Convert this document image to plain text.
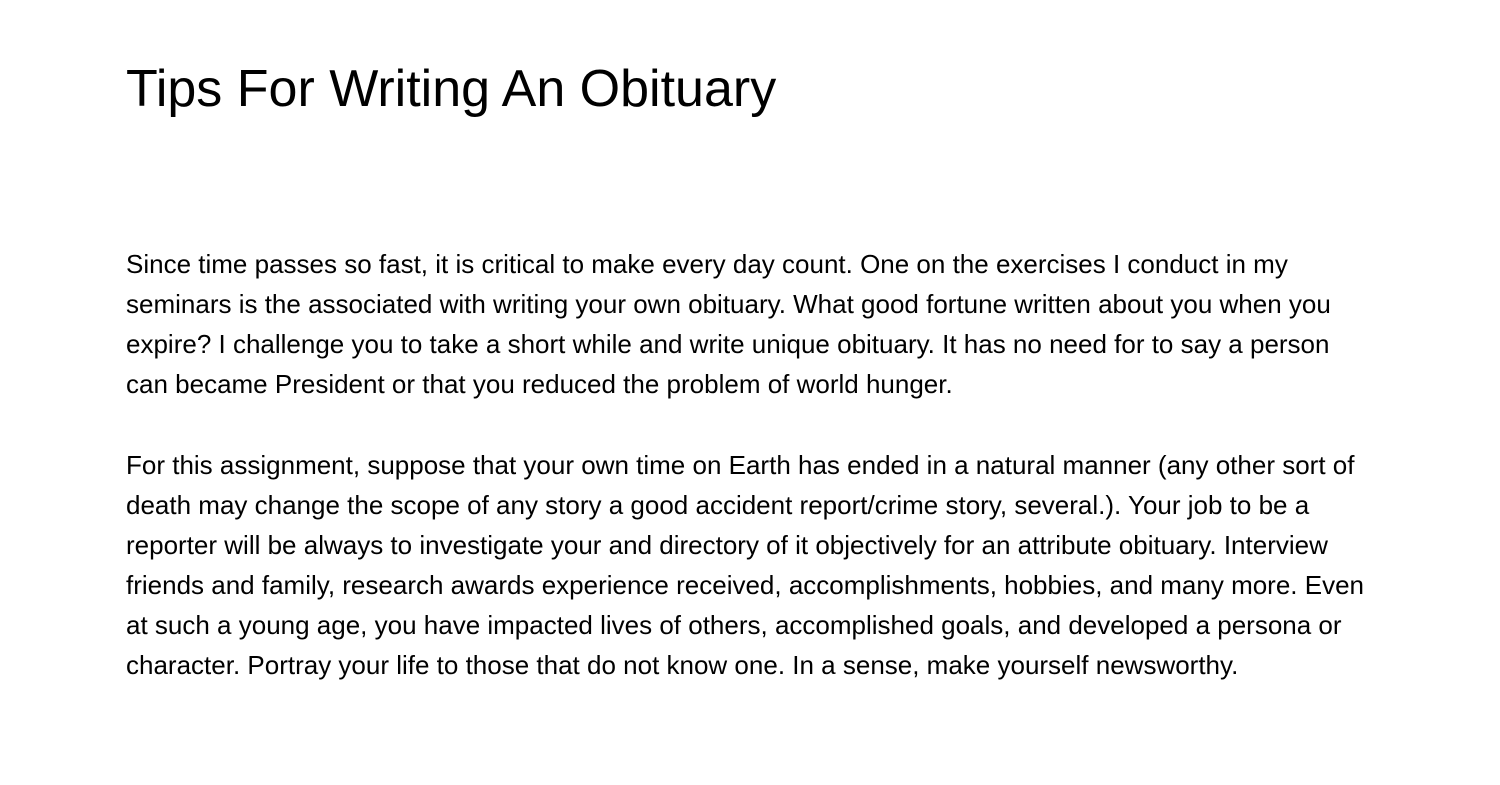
Tips For Writing An Obituary

Since time passes so fast, it is critical to make every day count. One on the exercises I conduct in my seminars is the associated with writing your own obituary. What good fortune written about you when you expire? I challenge you to take a short while and write unique obituary. It has no need for to say a person can became President or that you reduced the problem of world hunger.

For this assignment, suppose that your own time on Earth has ended in a natural manner (any other sort of death may change the scope of any story a good accident report/crime story, several.). Your job to be a reporter will be always to investigate your and directory of it objectively for an attribute obituary. Interview friends and family, research awards experience received, accomplishments, hobbies, and many more. Even at such a young age, you have impacted lives of others, accomplished goals, and developed a persona or character. Portray your life to those that do not know one. In a sense, make yourself newsworthy.
